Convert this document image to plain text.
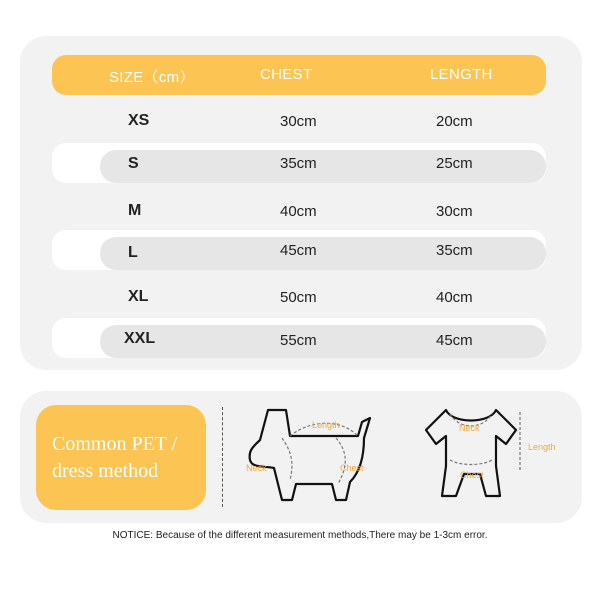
SIZE（cm）	CHEST	LENGTH
XS	30cm	20cm
S	35cm	25cm
M	40cm	30cm
L	45cm	35cm
XL	50cm	40cm
XXL	55cm	45cm
Common PET /
dress method
Length
Neck	Chest
Neck
Length
Chest
NOTICE: Because of the different measurement methods,There may be 1-3cm error.
